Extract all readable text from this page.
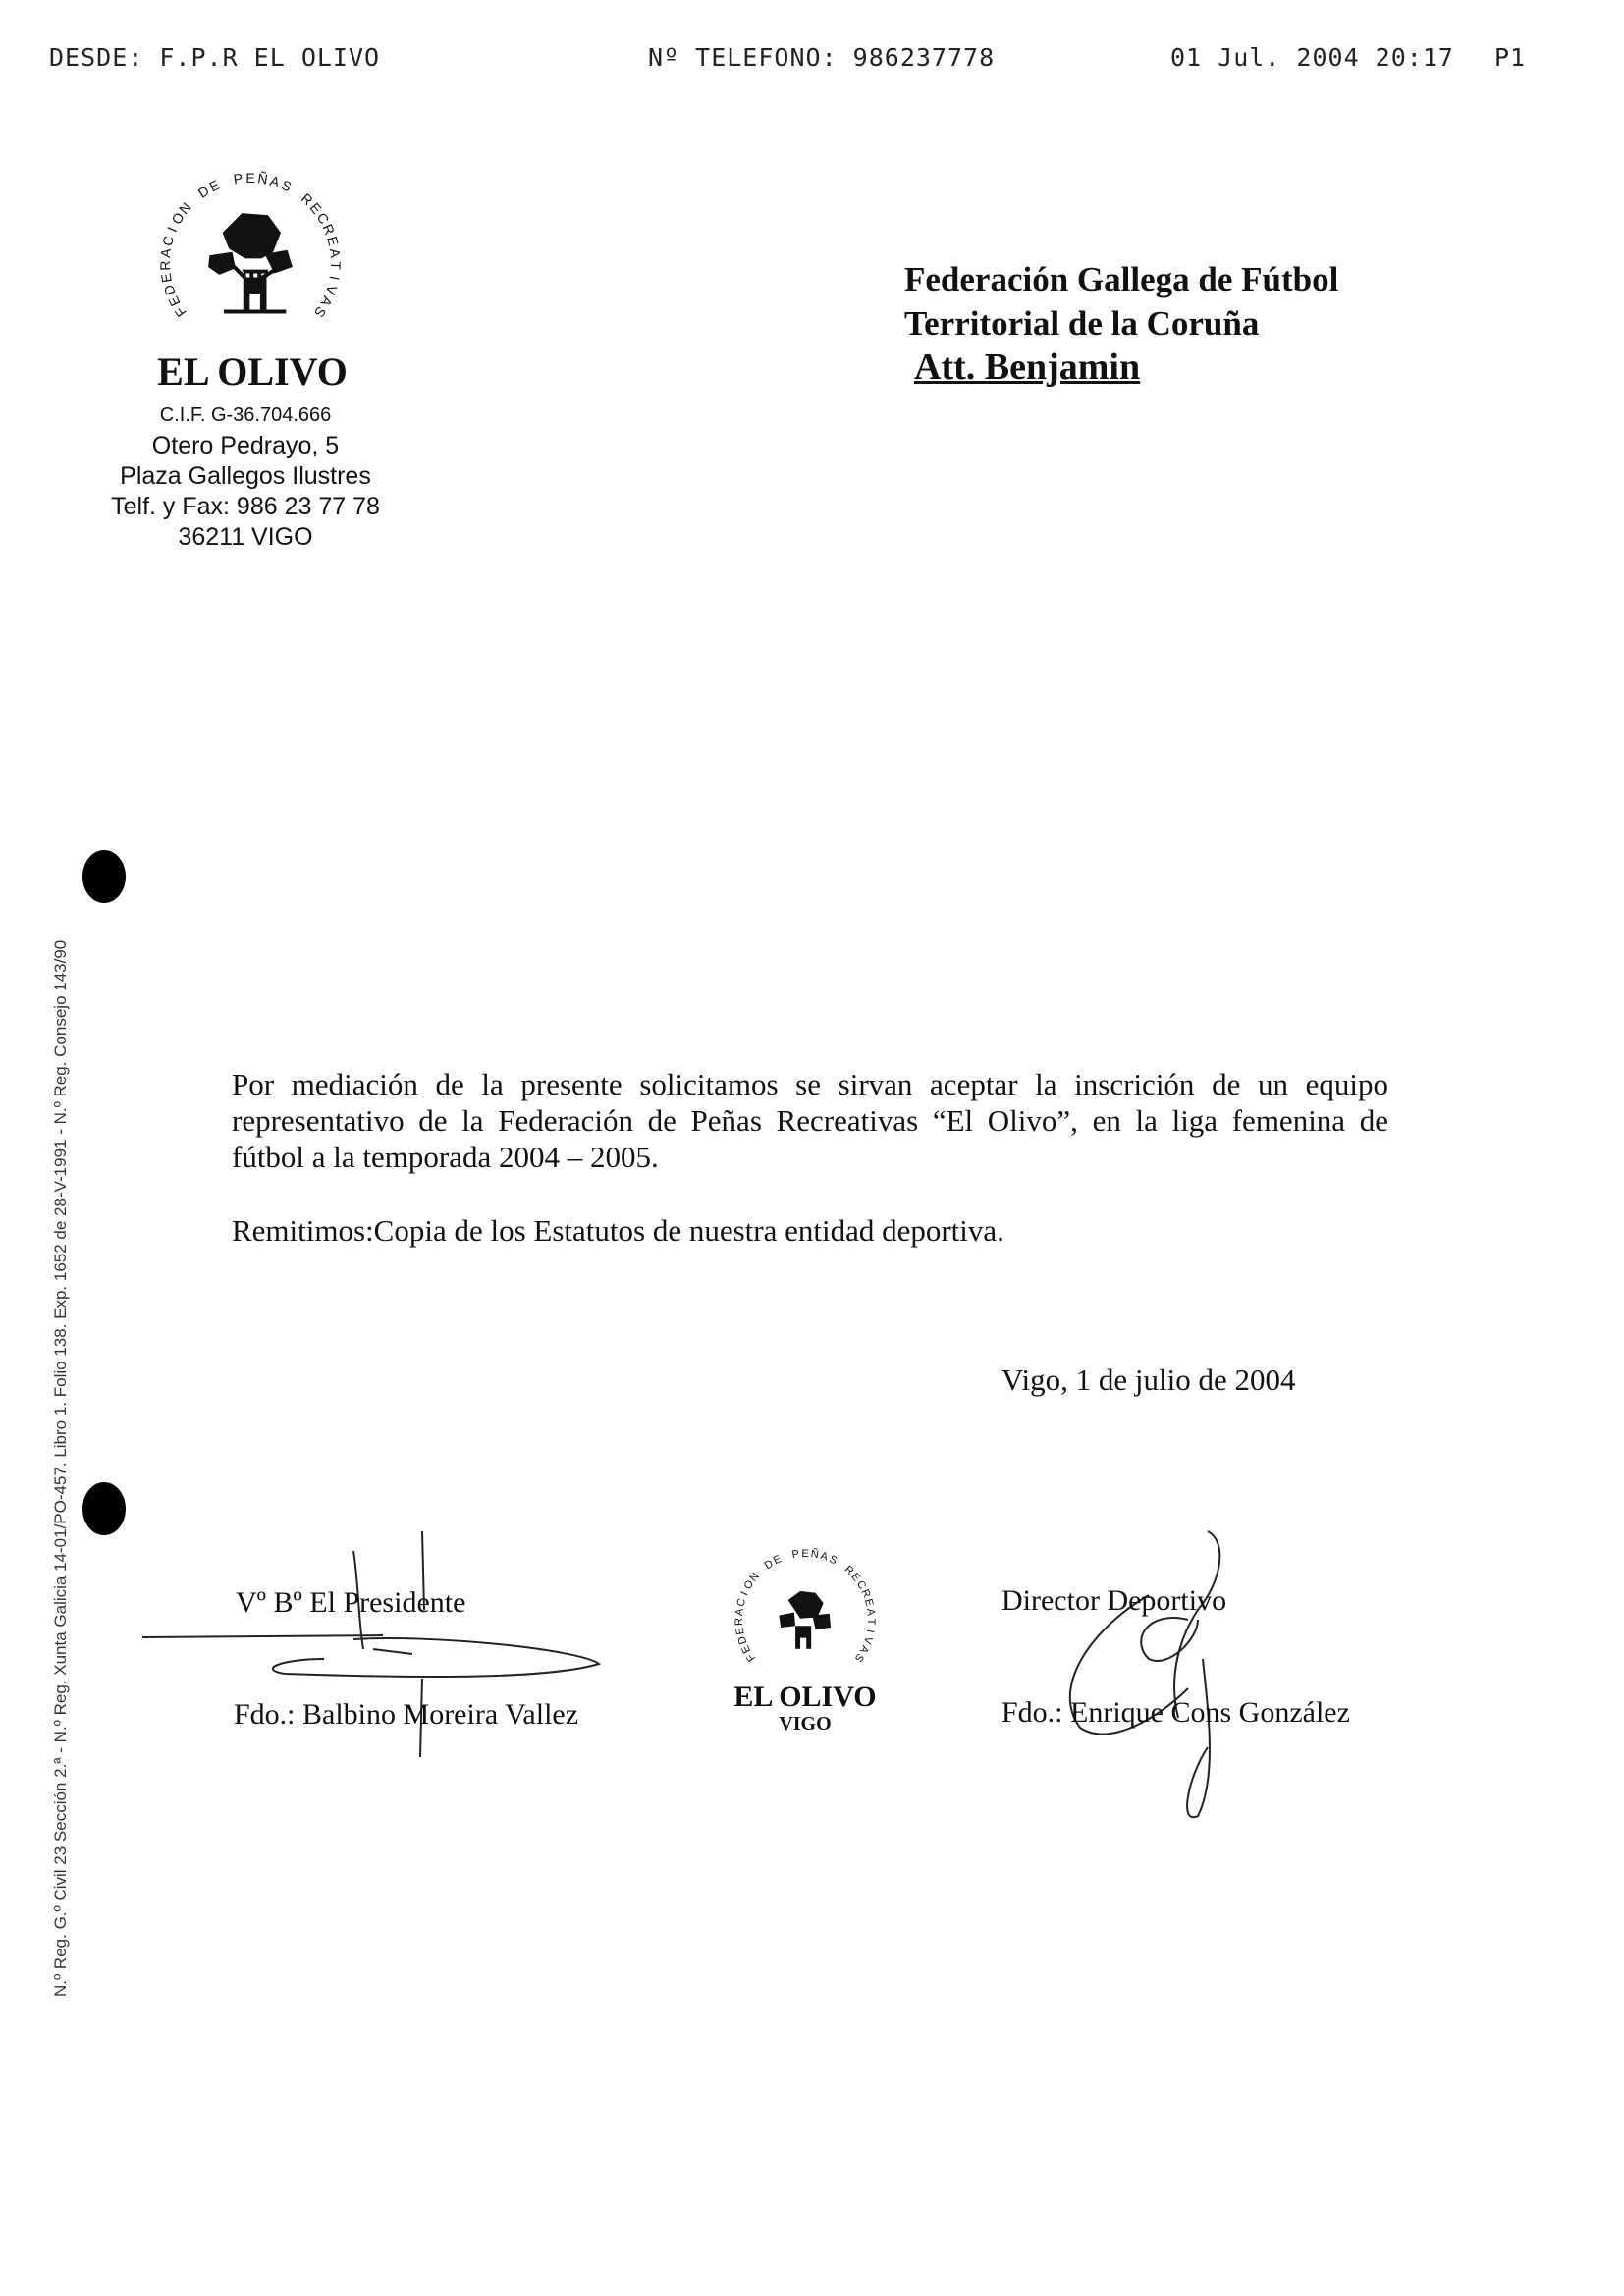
DESDE: F.P.R EL OLIVO	Nº TELEFONO: 986237778	01 Jul. 2004 20:17 P1
F
E
D
E
R
A
C
I
O
N
D
E P E Ñ A
S
R
E
C
R
E
A
T
I
V
A
S
EL OLIVO
C.I.F. G-36.704.666
Otero Pedrayo, 5
Plaza Gallegos Ilustres
Telf. y Fax: 986 23 77 78
36211 VIGO
Federación Gallega de Fútbol
Territorial de la Coruña
Att. Benjamin
Por mediación de la presente solicitamos se sirvan aceptar la inscrición de un equipo
representativo de la Federación de Peñas Recreativas “El Olivo”, en la liga femenina de
fútbol a la temporada 2004 – 2005.
Remitimos:Copia de los Estatutos de nuestra entidad deportiva.
Vigo, 1 de julio de 2004
Vº Bº El Presidente
Fdo.: Balbino Moreira Vallez
F
E
D
E
R
A
C
I
O
N
D
E P E Ñ A
S
R
E
C
R
E
A
T
I
V
A
S
EL OLIVO
VIGO
Director Deportivo
Fdo.: Enrique Cons González
N.º Reg. G.º Civil 23 Sección 2.ª - N.º Reg. Xunta Galicia 14-01/PO-457. Libro 1. Folio 138. Exp. 1652 de 28-V-1991 - N.º Reg. Consejo 143/90
